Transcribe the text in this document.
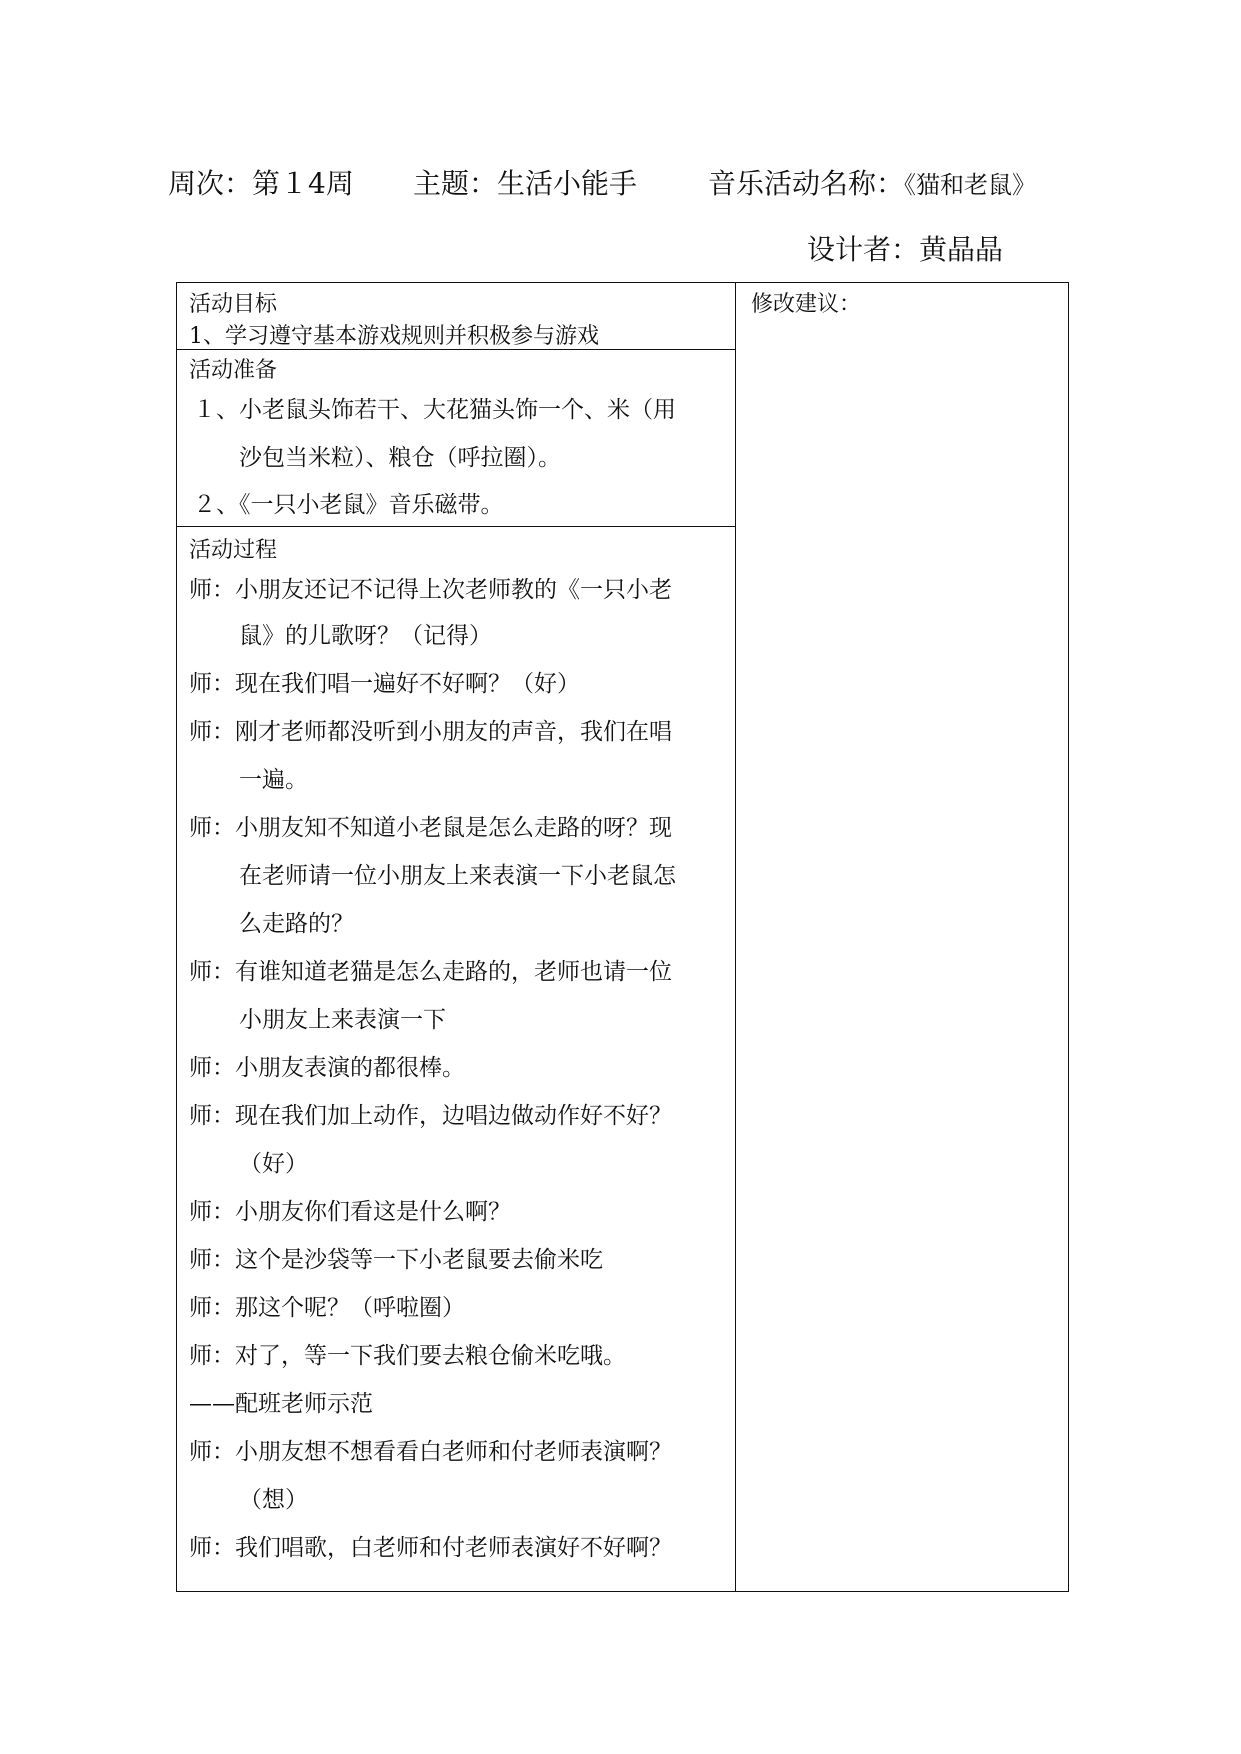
周次：第１4周 主题：生活小能手	音乐活动名称：《猫和老鼠》
设计者：黄晶晶
修改建议：
活动目标
1、学习遵守基本游戏规则并积极参与游戏
活动准备
１、小老鼠头饰若干、大花猫头饰一个、米（用
沙包当米粒）、粮仓（呼拉圈）。
２、《一只小老鼠》音乐磁带。
活动过程
师：小朋友还记不记得上次老师教的《一只小老
鼠》的儿歌呀？（记得）
师：现在我们唱一遍好不好啊？（好）
师：刚才老师都没听到小朋友的声音，我们在唱
一遍。
师：小朋友知不知道小老鼠是怎么走路的呀？现
在老师请一位小朋友上来表演一下小老鼠怎
么走路的？
师：有谁知道老猫是怎么走路的，老师也请一位
小朋友上来表演一下
师：小朋友表演的都很棒。
师：现在我们加上动作，边唱边做动作好不好？
（好）
师：小朋友你们看这是什么啊？
师：这个是沙袋等一下小老鼠要去偷米吃
师：那这个呢？（呼啦圈）
师：对了，等一下我们要去粮仓偷米吃哦。
——配班老师示范
师：小朋友想不想看看白老师和付老师表演啊？
（想）
师：我们唱歌，白老师和付老师表演好不好啊？
